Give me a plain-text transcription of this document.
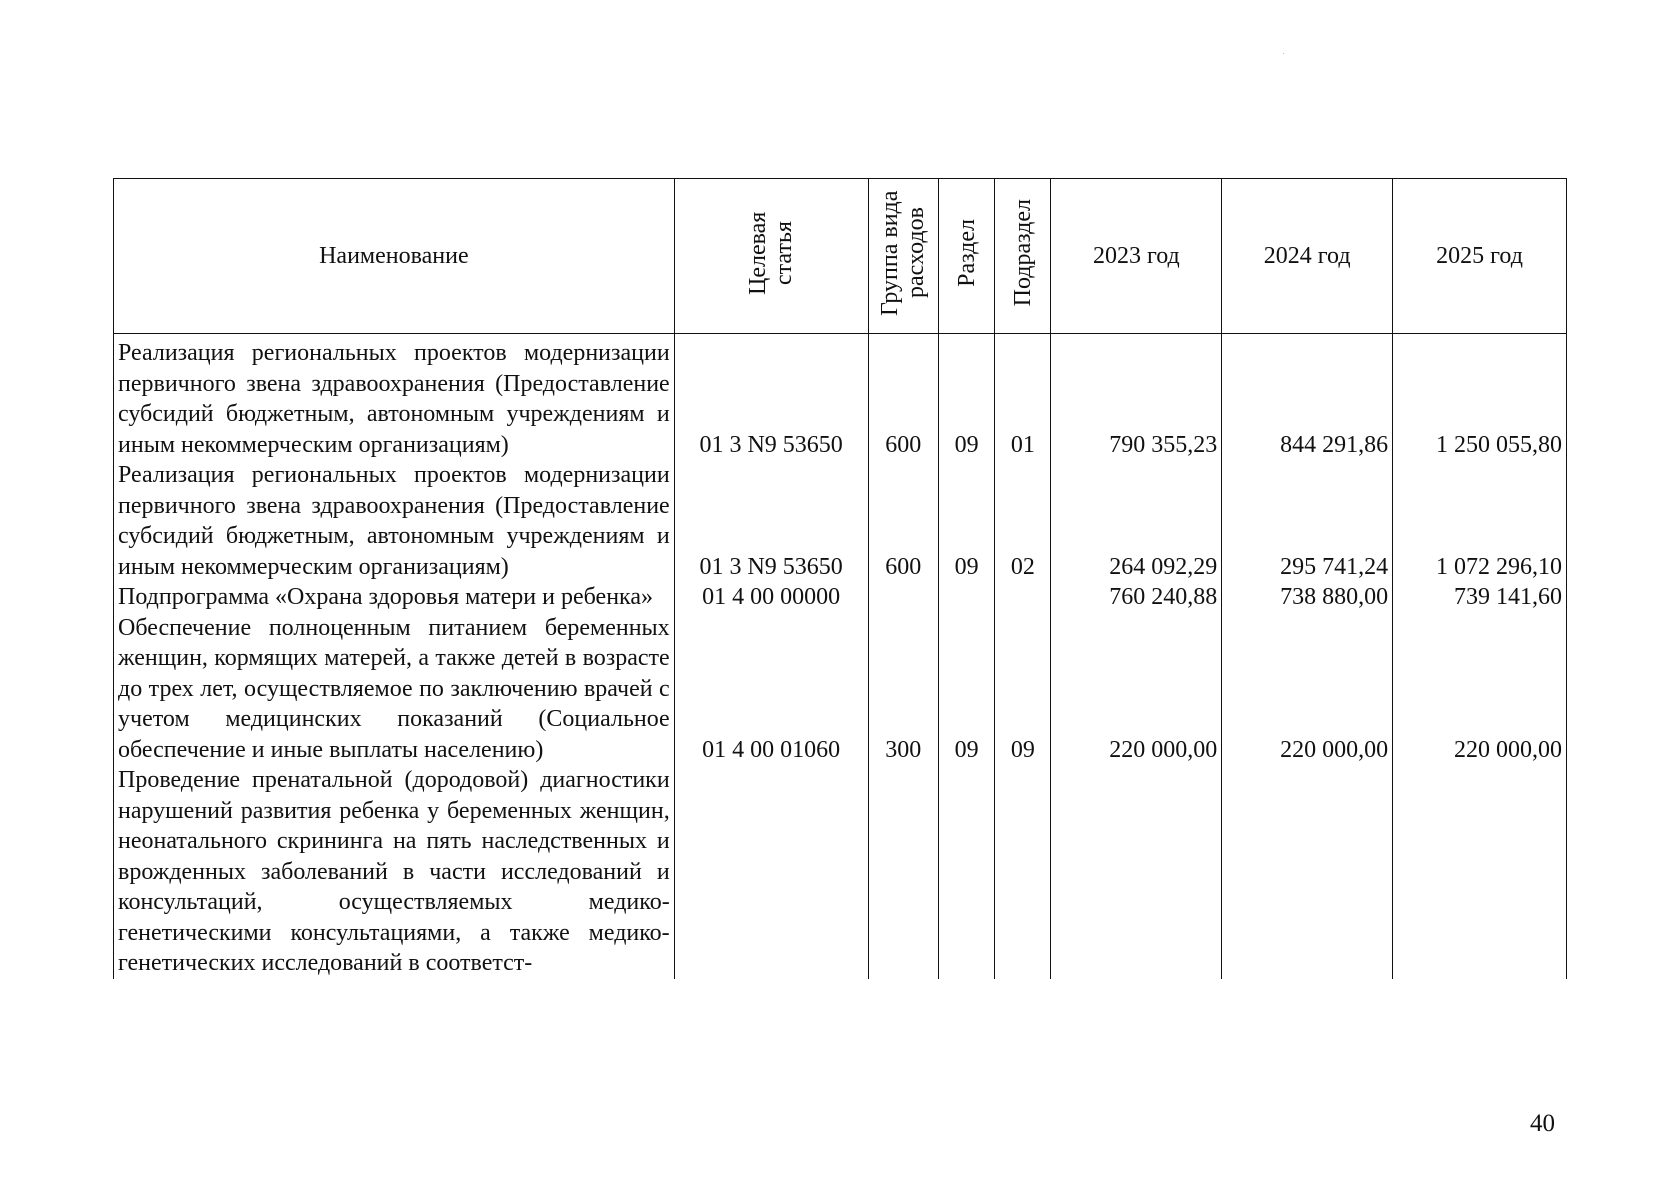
Наименование	Целевая статья	Группа вида расходов	Раздел	Подраздел	2023 год	2024 год	2025 год
Реализация региональных проектов модернизации первичного звена здравоохранения (Предоставление субсидий бюджетным, автономным учреждениям и иным некоммерческим организациям)	01 3 N9 53650	600	09	01	790 355,23	844 291,86	1 250 055,80
Реализация региональных проектов модернизации первичного звена здравоохранения (Предоставление субсидий бюджетным, автономным учреждениям и иным некоммерческим организациям)	01 3 N9 53650	600	09	02	264 092,29	295 741,24	1 072 296,10
Подпрограмма «Охрана здоровья матери и ребенка»	01 4 00 00000				760 240,88	738 880,00	739 141,60
Обеспечение полноценным питанием беременных женщин, кормящих матерей, а также детей в возрасте до трех лет, осуществляемое по заключению врачей с учетом медицинских показаний (Социальное обеспечение и иные выплаты населению)	01 4 00 01060	300	09	09	220 000,00	220 000,00	220 000,00
Проведение пренатальной (дородовой) диагностики нарушений развития ребенка у беременных женщин, неонатального скрининга на пять наследственных и врожденных заболеваний в части исследований и консультаций, осуществляемых медико-генетическими консультациями, а также медико-генетических исследований в соответст-							
40
